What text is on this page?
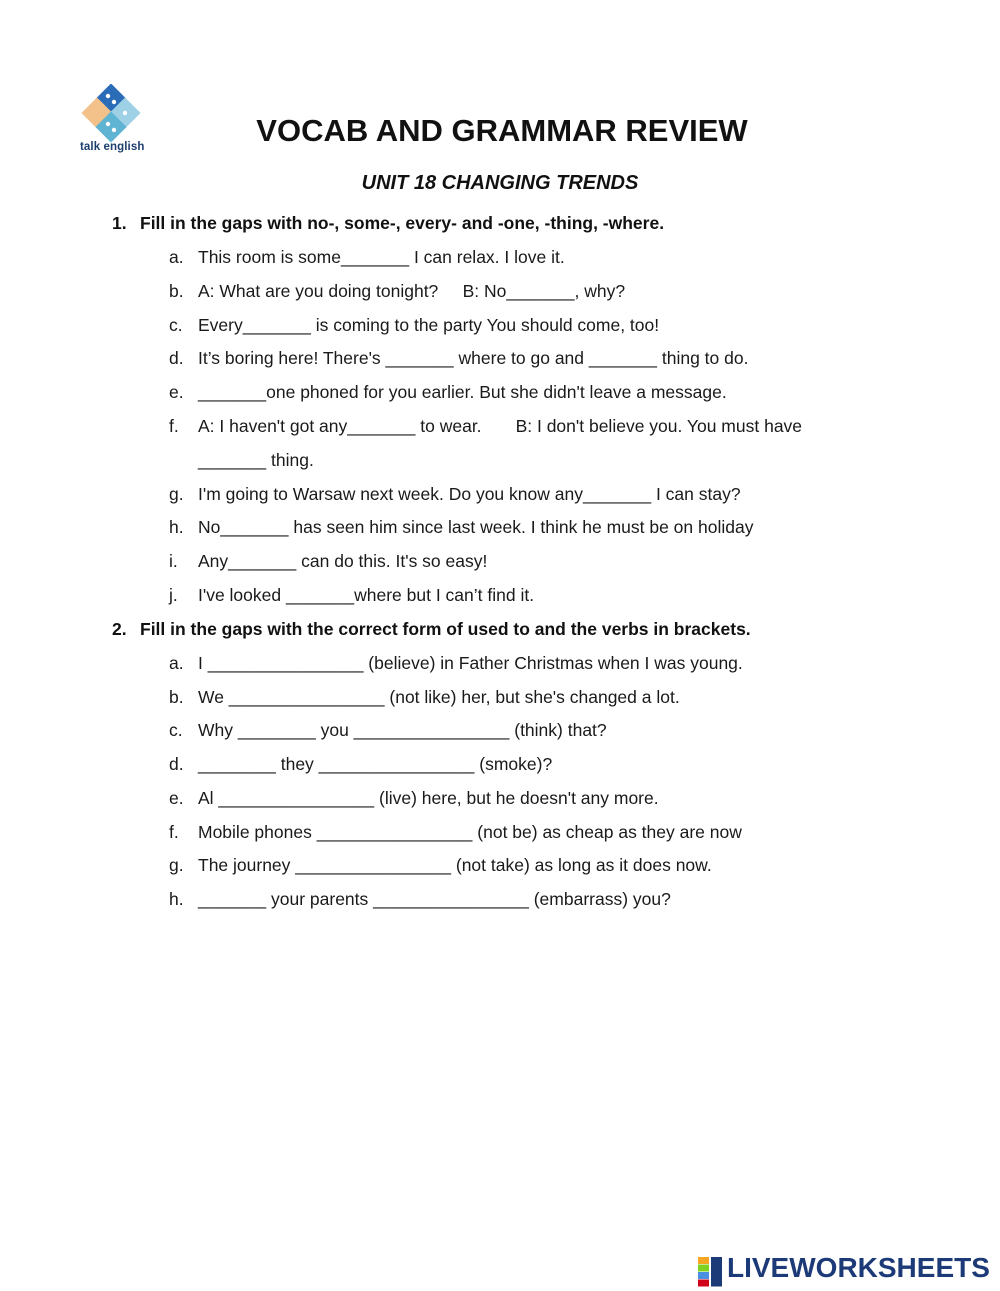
talk english	VOCAB AND GRAMMAR REVIEW
UNIT 18 CHANGING TRENDS
1. Fill in the gaps with no-, some-, every- and -one, -thing, -where.
a. This room is some_______ I can relax. I love it.
b. A: What are you doing tonight?     B: No_______, why?
c. Every_______ is coming to the party You should come, too!
d. It’s boring here! There's _______ where to go and _______ thing to do.
e. _______one phoned for you earlier. But she didn't leave a message.
f. A: I haven't got any_______ to wear.       B: I don't believe you. You must have
_______ thing.
g. I'm going to Warsaw next week. Do you know any_______ I can stay?
h. No_______ has seen him since last week. I think he must be on holiday
i. Any_______ can do this. It's so easy!
j. I've looked _______where but I can’t find it.
2. Fill in the gaps with the correct form of used to and the verbs in brackets.
a. I ________________ (believe) in Father Christmas when I was young.
b. We ________________ (not like) her, but she's changed a lot.
c. Why ________ you ________________ (think) that?
d. ________ they ________________ (smoke)?
e. Al ________________ (live) here, but he doesn't any more.
f. Mobile phones ________________ (not be) as cheap as they are now
g. The journey ________________ (not take) as long as it does now.
h. _______ your parents ________________ (embarrass) you?
LIVEWORKSHEETS
